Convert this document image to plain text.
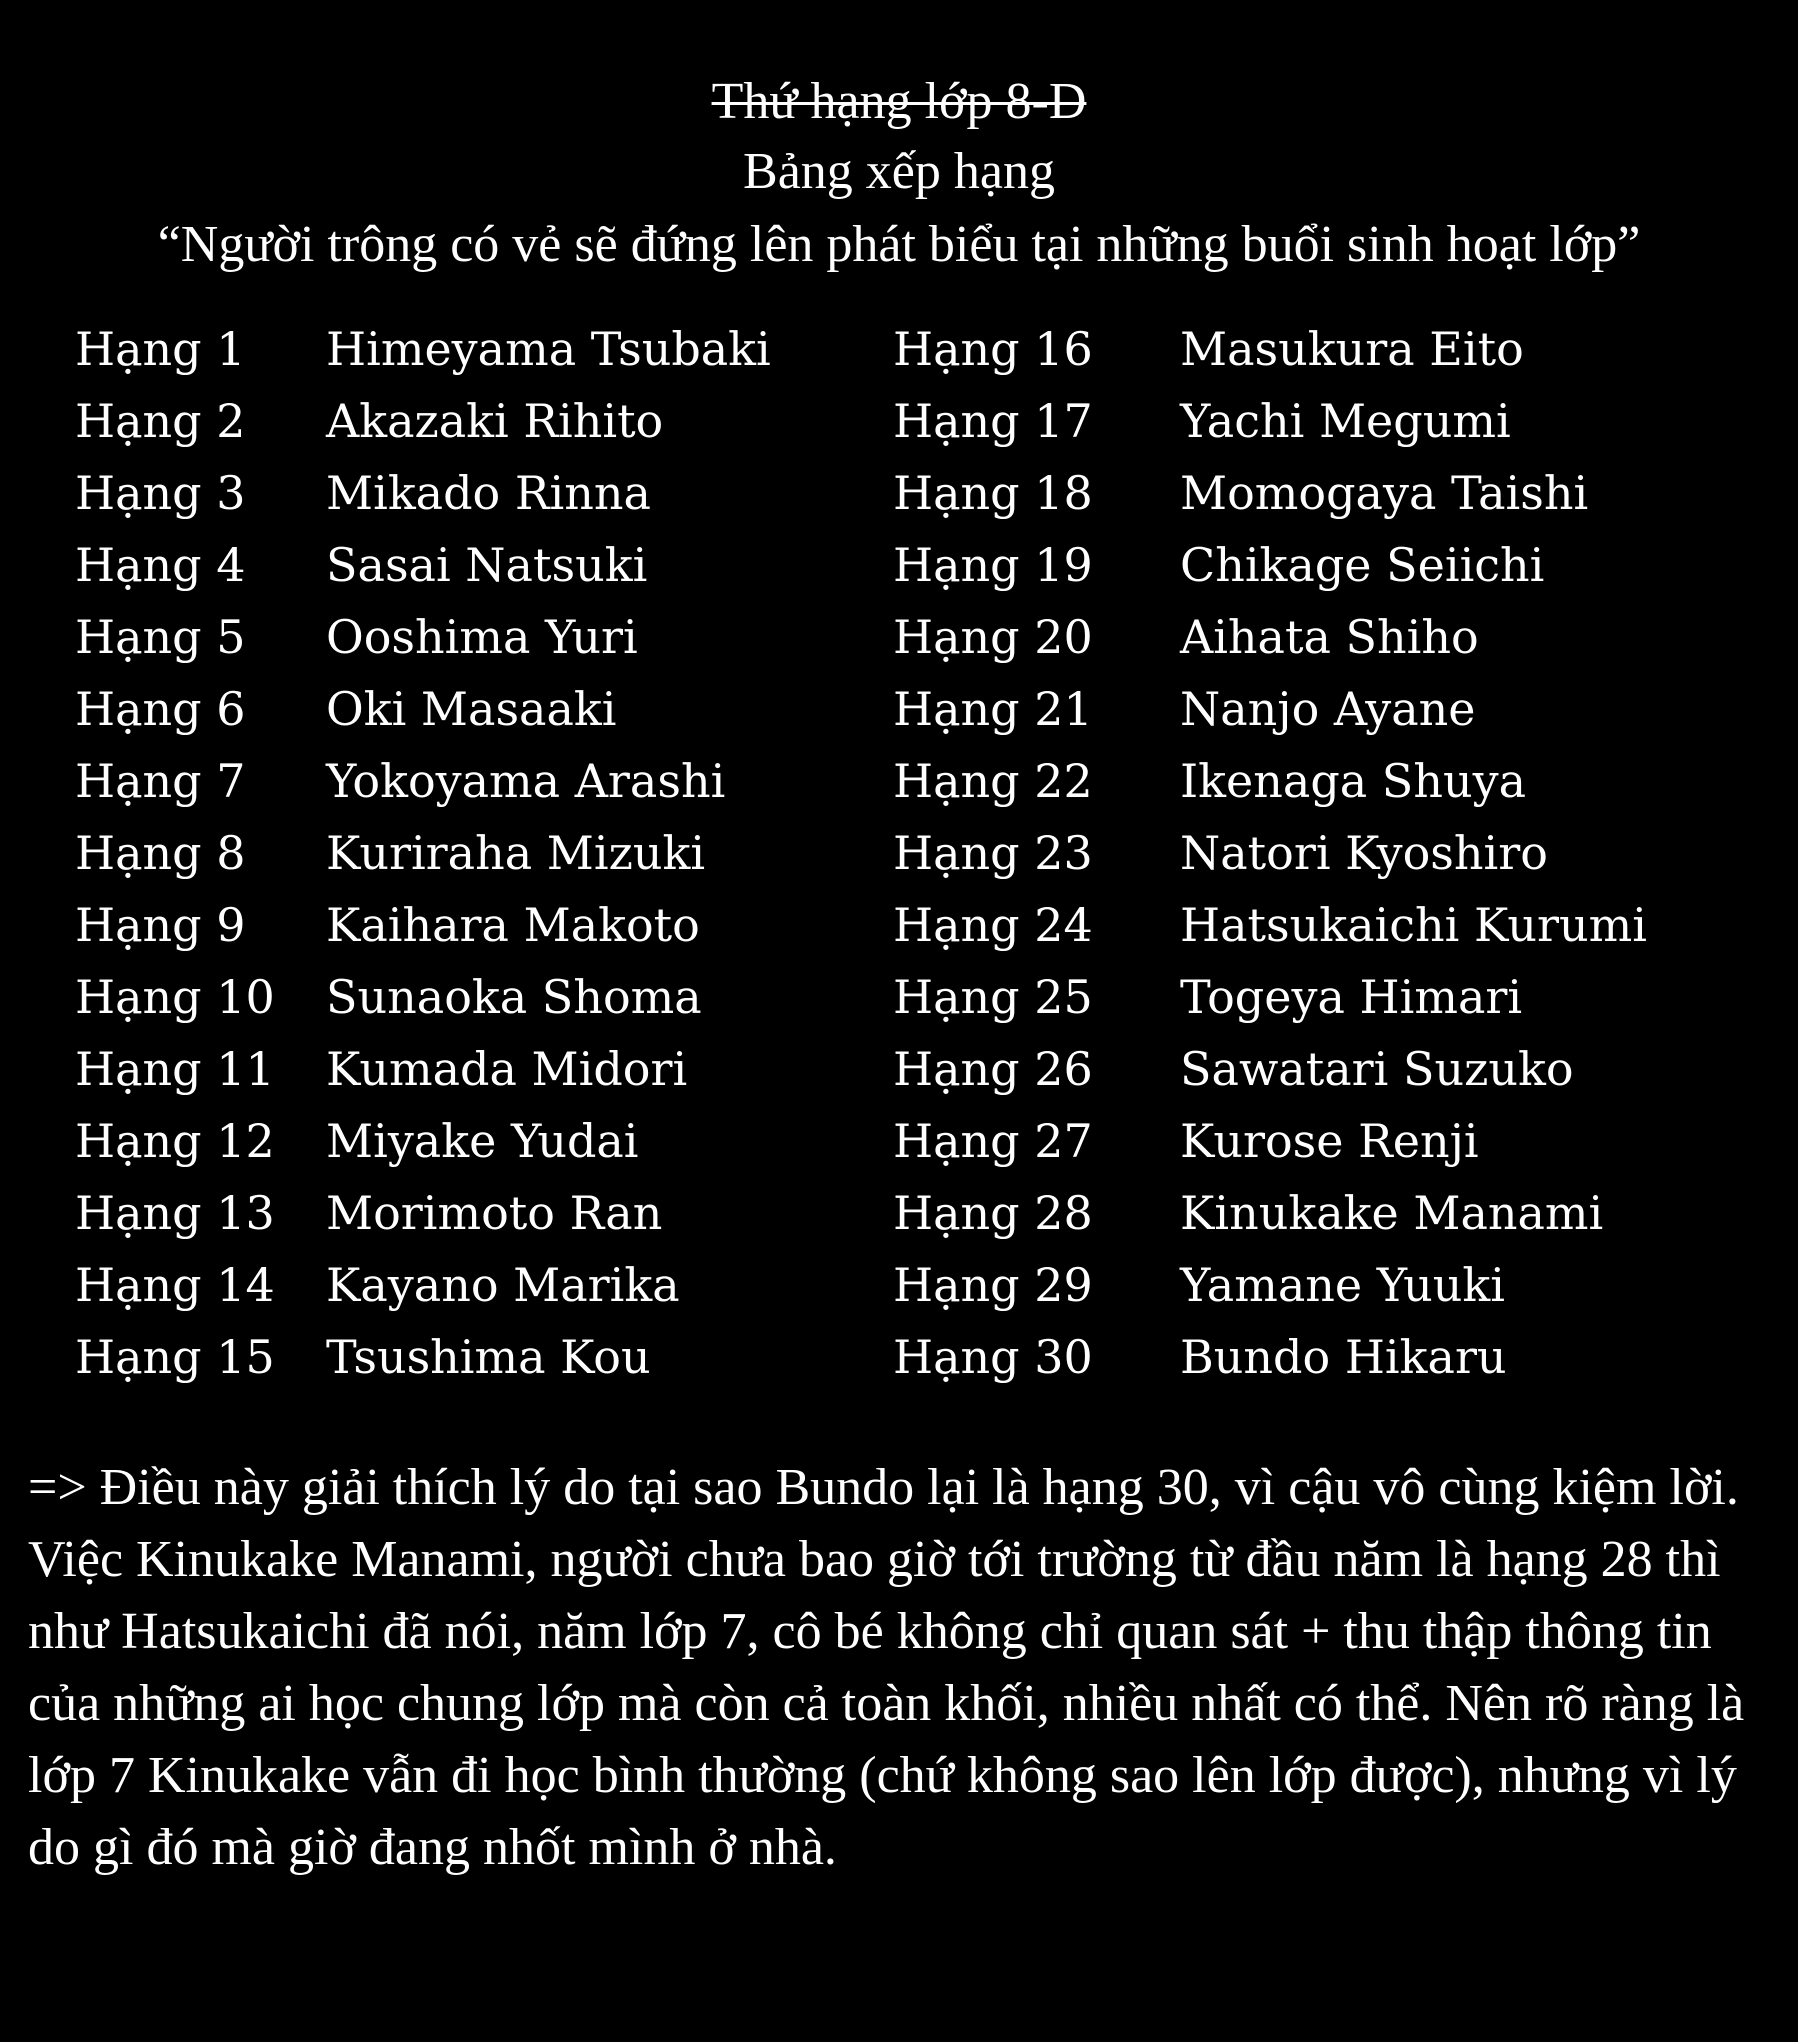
Thứ hạng lớp 8-D
Bảng xếp hạng
“Người trông có vẻ sẽ đứng lên phát biểu tại những buổi sinh hoạt lớp”
Hạng 1 Himeyama Tsubaki	Hạng 16 Masukura Eito
Hạng 2 Akazaki Rihito	Hạng 17 Yachi Megumi
Hạng 3 Mikado Rinna	Hạng 18 Momogaya Taishi
Hạng 4 Sasai Natsuki	Hạng 19 Chikage Seiichi
Hạng 5 Ooshima Yuri	Hạng 20 Aihata Shiho
Hạng 6 Oki Masaaki	Hạng 21 Nanjo Ayane
Hạng 7 Yokoyama Arashi	Hạng 22 Ikenaga Shuya
Hạng 8 Kuriraha Mizuki	Hạng 23 Natori Kyoshiro
Hạng 9 Kaihara Makoto	Hạng 24 Hatsukaichi Kurumi
Hạng 10 Sunaoka Shoma	Hạng 25 Togeya Himari
Hạng 11 Kumada Midori	Hạng 26 Sawatari Suzuko
Hạng 12 Miyake Yudai	Hạng 27 Kurose Renji
Hạng 13 Morimoto Ran	Hạng 28 Kinukake Manami
Hạng 14 Kayano Marika	Hạng 29 Yamane Yuuki
Hạng 15 Tsushima Kou	Hạng 30 Bundo Hikaru

=> Điều này giải thích lý do tại sao Bundo lại là hạng 30, vì cậu vô cùng kiệm lời.

Việc Kinukake Manami, người chưa bao giờ tới trường từ đầu năm là hạng 28 thì như Hatsukaichi đã nói, năm lớp 7, cô bé không chỉ quan sát + thu thập thông tin của những ai học chung lớp mà còn cả toàn khối, nhiều nhất có thể. Nên rõ ràng là lớp 7 Kinukake vẫn đi học bình thường (chứ không sao lên lớp được), nhưng vì lý do gì đó mà giờ đang nhốt mình ở nhà.
